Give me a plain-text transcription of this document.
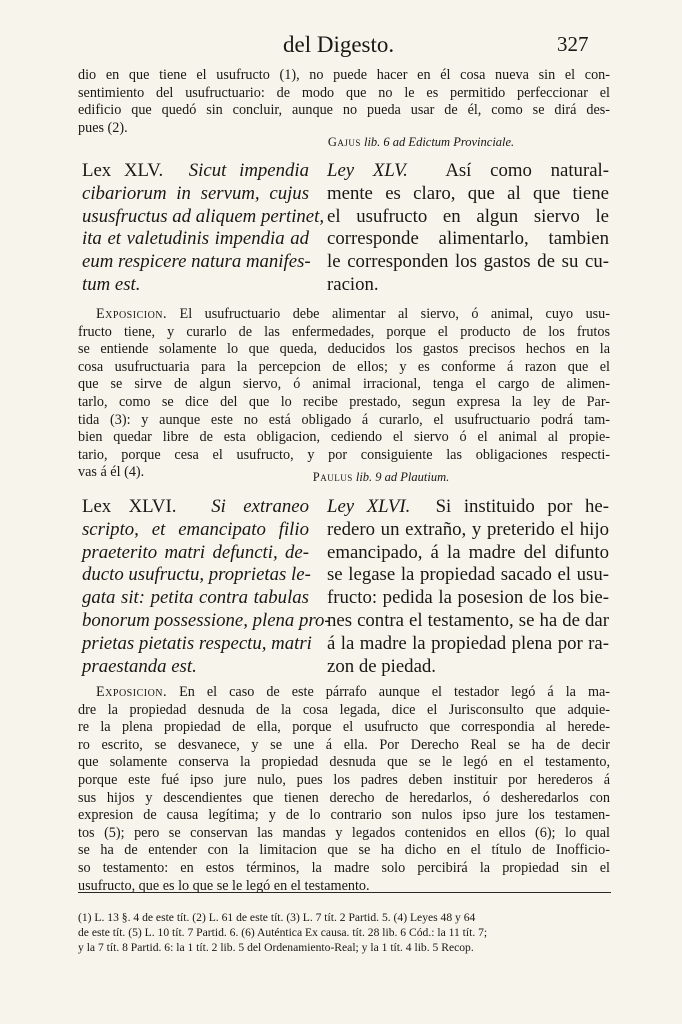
del Digesto.	327
dio en que tiene el usufructo (1), no puede hacer en él cosa nueva sin el con-
sentimiento del usufructuario: de modo que no le es permitido perfeccionar el
edificio que quedó sin concluir, aunque no pueda usar de él, como se dirá des-
pues (2).
Gajus lib. 6 ad Edictum Provinciale.
Lex XLV. Sicut impendia
cibariorum in servum, cujus
ususfructus ad aliquem pertinet,
ita et valetudinis impendia ad
eum respicere natura manifes-
tum est.
Ley XLV. Así como natural-
mente es claro, que al que tiene
el usufructo en algun siervo le
corresponde alimentarlo, tambien
le corresponden los gastos de su cu-
racion.
Exposicion. El usufructuario debe alimentar al siervo, ó animal, cuyo usu-
fructo tiene, y curarlo de las enfermedades, porque el producto de los frutos
se entiende solamente lo que queda, deducidos los gastos precisos hechos en la
cosa usufructuaria para la percepcion de ellos; y es conforme á razon que el
que se sirve de algun siervo, ó animal irracional, tenga el cargo de alimen-
tarlo, como se dice del que lo recibe prestado, segun expresa la ley de Par-
tida (3): y aunque este no está obligado á curarlo, el usufructuario podrá tam-
bien quedar libre de esta obligacion, cediendo el siervo ó el animal al propie-
tario, porque cesa el usufructo, y por consiguiente las obligaciones respecti-
vas á él (4).	Paulus lib. 9 ad Plautium.
Lex XLVI. Si extraneo
scripto, et emancipato filio
praeterito matri defuncti, de-
ducto usufructu, proprietas le-
gata sit: petita contra tabulas
bonorum possessione, plena pro-
prietas pietatis respectu, matri
praestanda est.
Ley XLVI. Si instituido por he-
redero un extraño, y preterido el hijo
emancipado, á la madre del difunto
se legase la propiedad sacado el usu-
fructo: pedida la posesion de los bie-
nes contra el testamento, se ha de dar
á la madre la propiedad plena por ra-
zon de piedad.
Exposicion. En el caso de este párrafo aunque el testador legó á la ma-
dre la propiedad desnuda de la cosa legada, dice el Jurisconsulto que adquie-
re la plena propiedad de ella, porque el usufructo que correspondia al herede-
ro escrito, se desvanece, y se une á ella. Por Derecho Real se ha de decir
que solamente conserva la propiedad desnuda que se le legó en el testamento,
porque este fué ipso jure nulo, pues los padres deben instituir por herederos á
sus hijos y descendientes que tienen derecho de heredarlos, ó desheredarlos con
expresion de causa legítima; y de lo contrario son nulos ipso jure los testamen-
tos (5); pero se conservan las mandas y legados contenidos en ellos (6); lo qual
se ha de entender con la limitacion que se ha dicho en el título de Inofficio-
so testamento: en estos términos, la madre solo percibirá la propiedad sin el
usufructo, que es lo que se le legó en el testamento.
(1) L. 13 §. 4 de este tít. (2) L. 61 de este tít. (3) L. 7 tít. 2 Partid. 5. (4) Leyes 48 y 64
de este tít. (5) L. 10 tít. 7 Partid. 6. (6) Auténtica Ex causa. tít. 28 lib. 6 Cód.: la 11 tít. 7;
y la 7 tít. 8 Partid. 6: la 1 tít. 2 lib. 5 del Ordenamiento-Real; y la 1 tít. 4 lib. 5 Recop.
